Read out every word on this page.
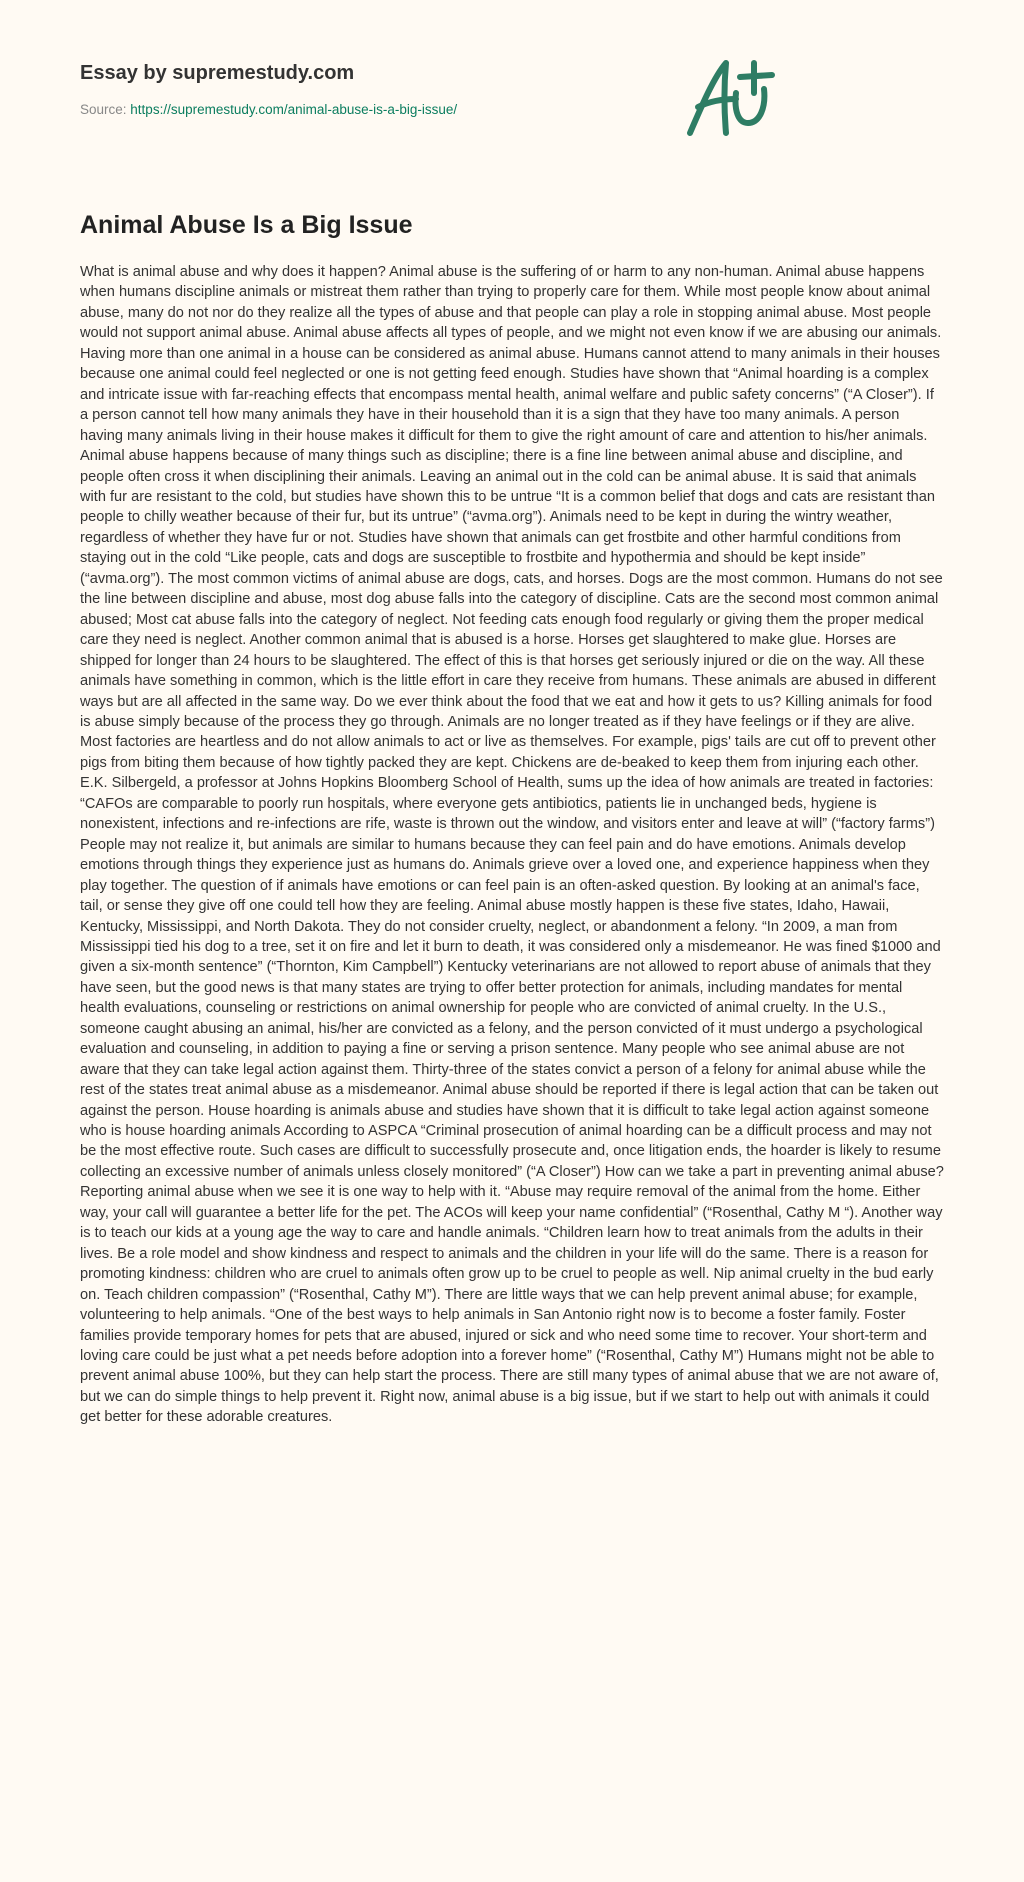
Essay by supremestudy.com
Source: https://supremestudy.com/animal-abuse-is-a-big-issue/
Animal Abuse Is a Big Issue

What is animal abuse and why does it happen? Animal abuse is the suffering of or harm to any non-human. Animal abuse happens when humans discipline animals or mistreat them rather than trying to properly care for them. While most people know about animal abuse, many do not nor do they realize all the types of abuse and that people can play a role in stopping animal abuse. Most people would not support animal abuse. Animal abuse affects all types of people, and we might not even know if we are abusing our animals. Having more than one animal in a house can be considered as animal abuse. Humans cannot attend to many animals in their houses because one animal could feel neglected or one is not getting feed enough. Studies have shown that “Animal hoarding is a complex and intricate issue with far-reaching effects that encompass mental health, animal welfare and public safety concerns” (“A Closer”). If a person cannot tell how many animals they have in their household than it is a sign that they have too many animals. A person having many animals living in their house makes it difficult for them to give the right amount of care and attention to his/her animals. Animal abuse happens because of many things such as discipline; there is a fine line between animal abuse and discipline, and people often cross it when disciplining their animals. Leaving an animal out in the cold can be animal abuse. It is said that animals with fur are resistant to the cold, but studies have shown this to be untrue “It is a common belief that dogs and cats are resistant than people to chilly weather because of their fur, but its untrue” (“avma.org”). Animals need to be kept in during the wintry weather, regardless of whether they have fur or not. Studies have shown that animals can get frostbite and other harmful conditions from staying out in the cold “Like people, cats and dogs are susceptible to frostbite and hypothermia and should be kept inside” (“avma.org”). The most common victims of animal abuse are dogs, cats, and horses. Dogs are the most common. Humans do not see the line between discipline and abuse, most dog abuse falls into the category of discipline. Cats are the second most common animal abused; Most cat abuse falls into the category of neglect. Not feeding cats enough food regularly or giving them the proper medical care they need is neglect. Another common animal that is abused is a horse. Horses get slaughtered to make glue. Horses are shipped for longer than 24 hours to be slaughtered. The effect of this is that horses get seriously injured or die on the way. All these animals have something in common, which is the little effort in care they receive from humans. These animals are abused in different ways but are all affected in the same way. Do we ever think about the food that we eat and how it gets to us? Killing animals for food is abuse simply because of the process they go through. Animals are no longer treated as if they have feelings or if they are alive. Most factories are heartless and do not allow animals to act or live as themselves. For example, pigs' tails are cut off to prevent other pigs from biting them because of how tightly packed they are kept. Chickens are de-beaked to keep them from injuring each other. E.K. Silbergeld, a professor at Johns Hopkins Bloomberg School of Health, sums up the idea of how animals are treated in factories: “CAFOs are comparable to poorly run hospitals, where everyone gets antibiotics, patients lie in unchanged beds, hygiene is nonexistent, infections and re-infections are rife, waste is thrown out the window, and visitors enter and leave at will” (“factory farms”) People may not realize it, but animals are similar to humans because they can feel pain and do have emotions. Animals develop emotions through things they experience just as humans do. Animals grieve over a loved one, and experience happiness when they play together. The question of if animals have emotions or can feel pain is an often-asked question. By looking at an animal's face, tail, or sense they give off one could tell how they are feeling. Animal abuse mostly happen is these five states, Idaho, Hawaii, Kentucky, Mississippi, and North Dakota. They do not consider cruelty, neglect, or abandonment a felony. “In 2009, a man from Mississippi tied his dog to a tree, set it on fire and let it burn to death, it was considered only a misdemeanor. He was fined $1000 and given a six-month sentence” (“Thornton, Kim Campbell”) Kentucky veterinarians are not allowed to report abuse of animals that they have seen, but the good news is that many states are trying to offer better protection for animals, including mandates for mental health evaluations, counseling or restrictions on animal ownership for people who are convicted of animal cruelty. In the U.S., someone caught abusing an animal, his/her are convicted as a felony, and the person convicted of it must undergo a psychological evaluation and counseling, in addition to paying a fine or serving a prison sentence. Many people who see animal abuse are not aware that they can take legal action against them. Thirty-three of the states convict a person of a felony for animal abuse while the rest of the states treat animal abuse as a misdemeanor. Animal abuse should be reported if there is legal action that can be taken out against the person. House hoarding is animals abuse and studies have shown that it is difficult to take legal action against someone who is house hoarding animals According to ASPCA “Criminal prosecution of animal hoarding can be a difficult process and may not be the most effective route. Such cases are difficult to successfully prosecute and, once litigation ends, the hoarder is likely to resume collecting an excessive number of animals unless closely monitored” (“A Closer”) How can we take a part in preventing animal abuse? Reporting animal abuse when we see it is one way to help with it. “Abuse may require removal of the animal from the home. Either way, your call will guarantee a better life for the pet. The ACOs will keep your name confidential” (“Rosenthal, Cathy M “). Another way is to teach our kids at a young age the way to care and handle animals. “Children learn how to treat animals from the adults in their lives. Be a role model and show kindness and respect to animals and the children in your life will do the same. There is a reason for promoting kindness: children who are cruel to animals often grow up to be cruel to people as well. Nip animal cruelty in the bud early on. Teach children compassion” (“Rosenthal, Cathy M”). There are little ways that we can help prevent animal abuse; for example, volunteering to help animals. “One of the best ways to help animals in San Antonio right now is to become a foster family. Foster families provide temporary homes for pets that are abused, injured or sick and who need some time to recover. Your short-term and loving care could be just what a pet needs before adoption into a forever home” (“Rosenthal, Cathy M”) Humans might not be able to prevent animal abuse 100%, but they can help start the process. There are still many types of animal abuse that we are not aware of, but we can do simple things to help prevent it. Right now, animal abuse is a big issue, but if we start to help out with animals it could get better for these adorable creatures.
